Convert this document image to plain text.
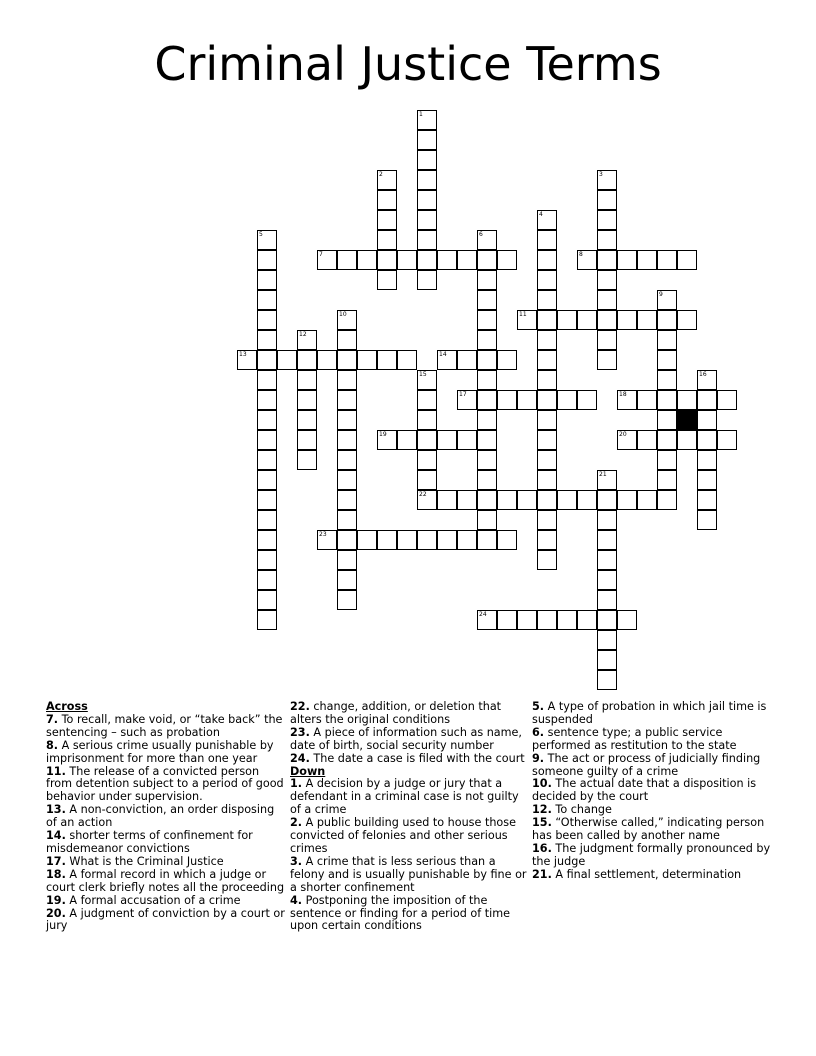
Criminal Justice Terms
7	8
11
13	14
17	18
19	20
22
23
24
1
2	3
4
5	6
9
10
12
15	16
21
Across
7. To recall, make void, or “take back” the sentencing – such as probation
8. A serious crime usually punishable by imprisonment for more than one year
11. The release of a convicted person from detention subject to a period of good behavior under supervision.
13. A non-conviction, an order disposing of an action
14. shorter terms of confinement for misdemeanor convictions
17. What is the Criminal Justice
18. A formal record in which a judge or court clerk briefly notes all the proceeding
19. A formal accusation of a crime
20. A judgment of conviction by a court or jury
22. change, addition, or deletion that alters the original conditions
23. A piece of information such as name, date of birth, social security number
24. The date a case is filed with the court
Down
1. A decision by a judge or jury that a defendant in a criminal case is not guilty of a crime
2. A public building used to house those convicted of felonies and other serious crimes
3. A crime that is less serious than a felony and is usually punishable by fine or a shorter confinement
4. Postponing the imposition of the sentence or finding for a period of time upon certain conditions
5. A type of probation in which jail time is suspended
6. sentence type; a public service performed as restitution to the state
9. The act or process of judicially finding someone guilty of a crime
10. The actual date that a disposition is decided by the court
12. To change
15. “Otherwise called,” indicating person has been called by another name
16. The judgment formally pronounced by the judge
21. A final settlement, determination
